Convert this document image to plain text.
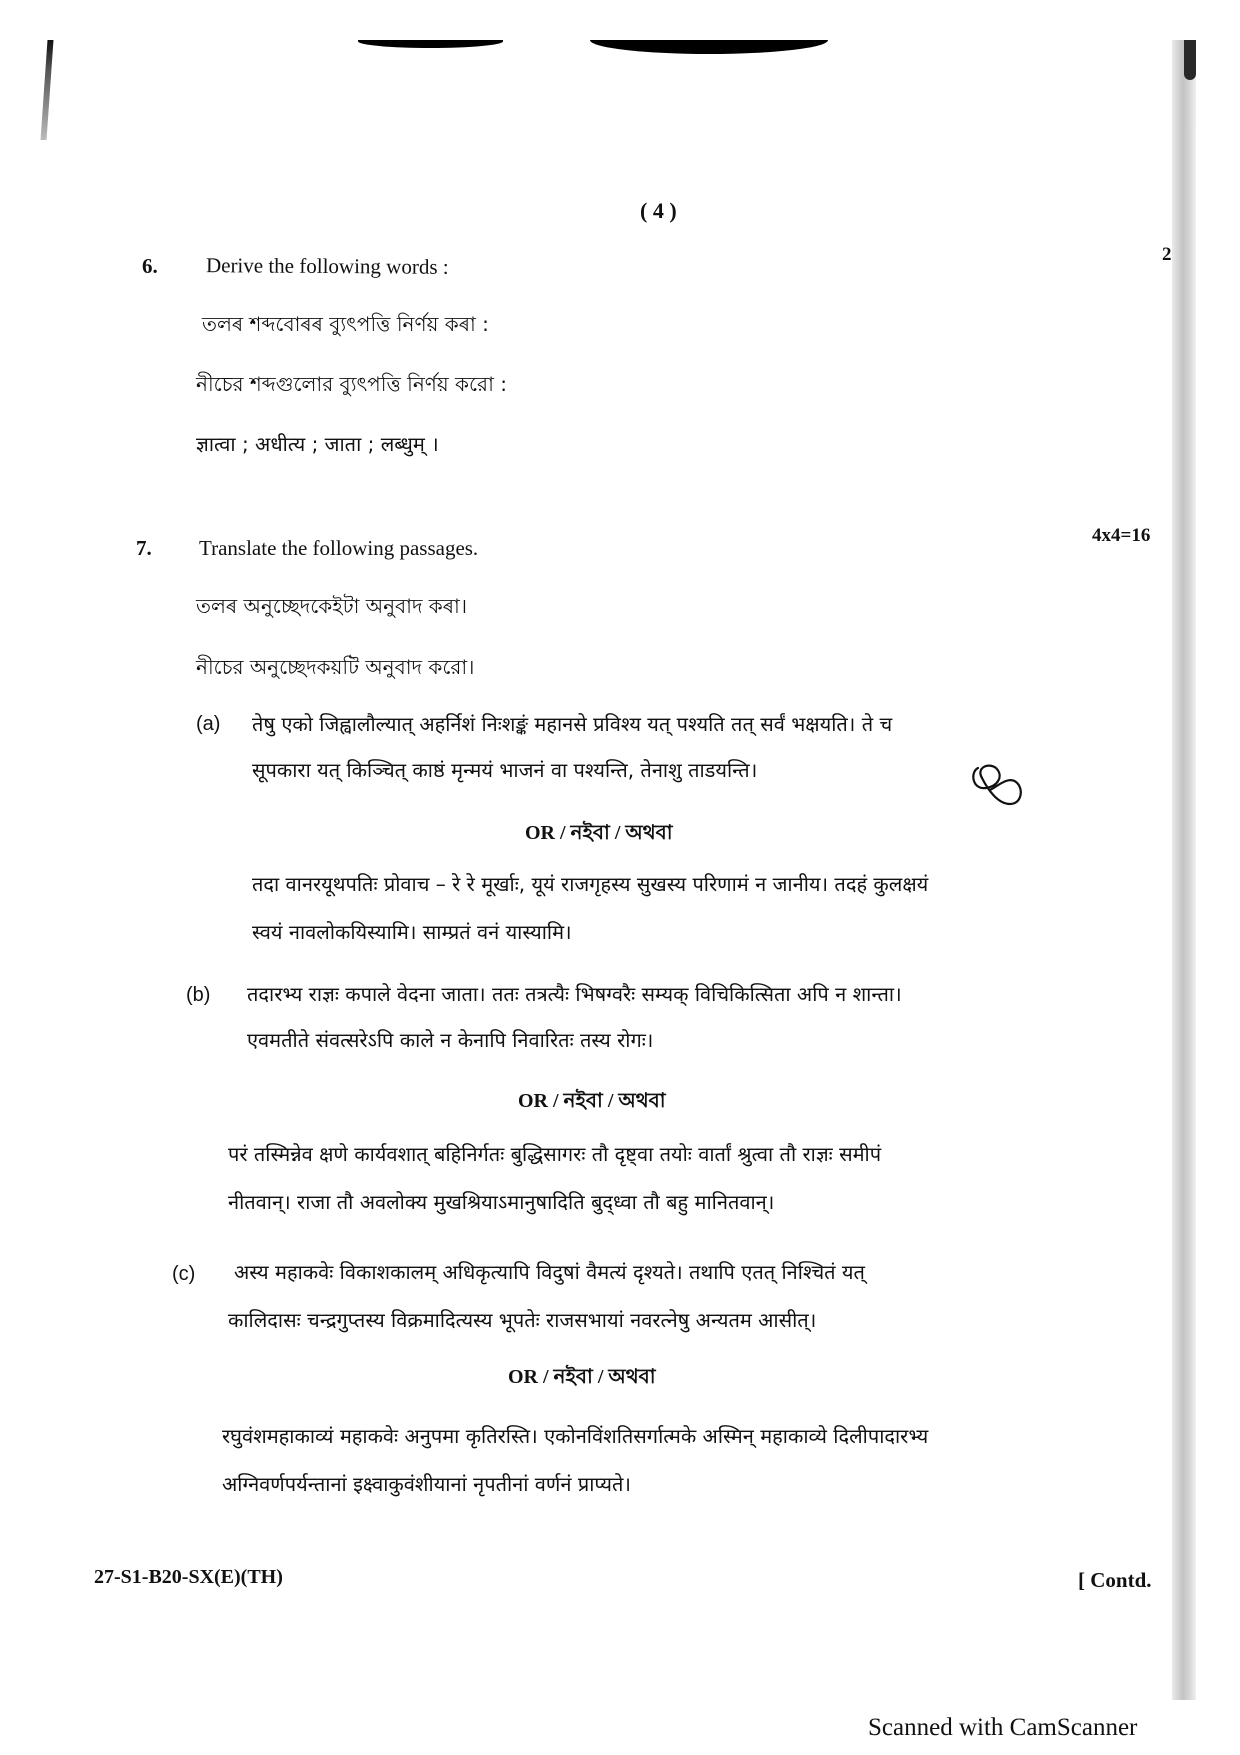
( 4 )
6. Derive the following words :	2
তলৰ শব্দবোৰৰ ব্যুৎপত্তি নিৰ্ণয় কৰা :
নীচের শব্দগুলোর ব্যুৎপত্তি নির্ণয় করো :
ज्ञात्वा ; अधीत्य ; जाता ; लब्धुम् ।
7. Translate the following passages.
4x4=16
তলৰ অনুচ্ছেদকেইটা অনুবাদ কৰা।
নীচের অনুচ্ছেদকয়টি অনুবাদ করো।
(a) तेषु एको जिह्वालौल्यात् अहर्निशं निःशङ्कं महानसे प्रविश्य यत् पश्यति तत् सर्वं भक्षयति। ते च
सूपकारा यत् किञ्चित् काष्ठं मृन्मयं भाजनं वा पश्यन्ति, तेनाशु ताडयन्ति।
OR / নইবা / অথবা
तदा वानरयूथपतिः प्रोवाच – रे रे मूर्खाः, यूयं राजगृहस्य सुखस्य परिणामं न जानीय। तदहं कुलक्षयं
स्वयं नावलोकयिस्यामि। साम्प्रतं वनं यास्यामि।
(b) तदारभ्य राज्ञः कपाले वेदना जाता। ततः तत्रत्यैः भिषग्वरैः सम्यक् विचिकित्सिता अपि न शान्ता।
एवमतीते संवत्सरेऽपि काले न केनापि निवारितः तस्य रोगः।
OR / নইবা / অথবা
परं तस्मिन्नेव क्षणे कार्यवशात् बहिनिर्गतः बुद्धिसागरः तौ दृष्ट्वा तयोः वार्तां श्रुत्वा तौ राज्ञः समीपं
नीतवान्। राजा तौ अवलोक्य मुखश्रियाऽमानुषादिति बुद्ध्वा तौ बहु मानितवान्।
(c) अस्य महाकवेः विकाशकालम् अधिकृत्यापि विदुषां वैमत्यं दृश्यते। तथापि एतत् निश्चितं यत्
कालिदासः चन्द्रगुप्तस्य विक्रमादित्यस्य भूपतेः राजसभायां नवरत्नेषु अन्यतम आसीत्।
OR / নইবা / অথবা
रघुवंशमहाकाव्यं महाकवेः अनुपमा कृतिरस्ति। एकोनविंशतिसर्गात्मके अस्मिन् महाकाव्ये दिलीपादारभ्य
अग्निवर्णपर्यन्तानां इक्ष्वाकुवंशीयानां नृपतीनां वर्णनं प्राप्यते।
27-S1-B20-SX(E)(TH)	[ Contd.
Scanned with CamScanner
